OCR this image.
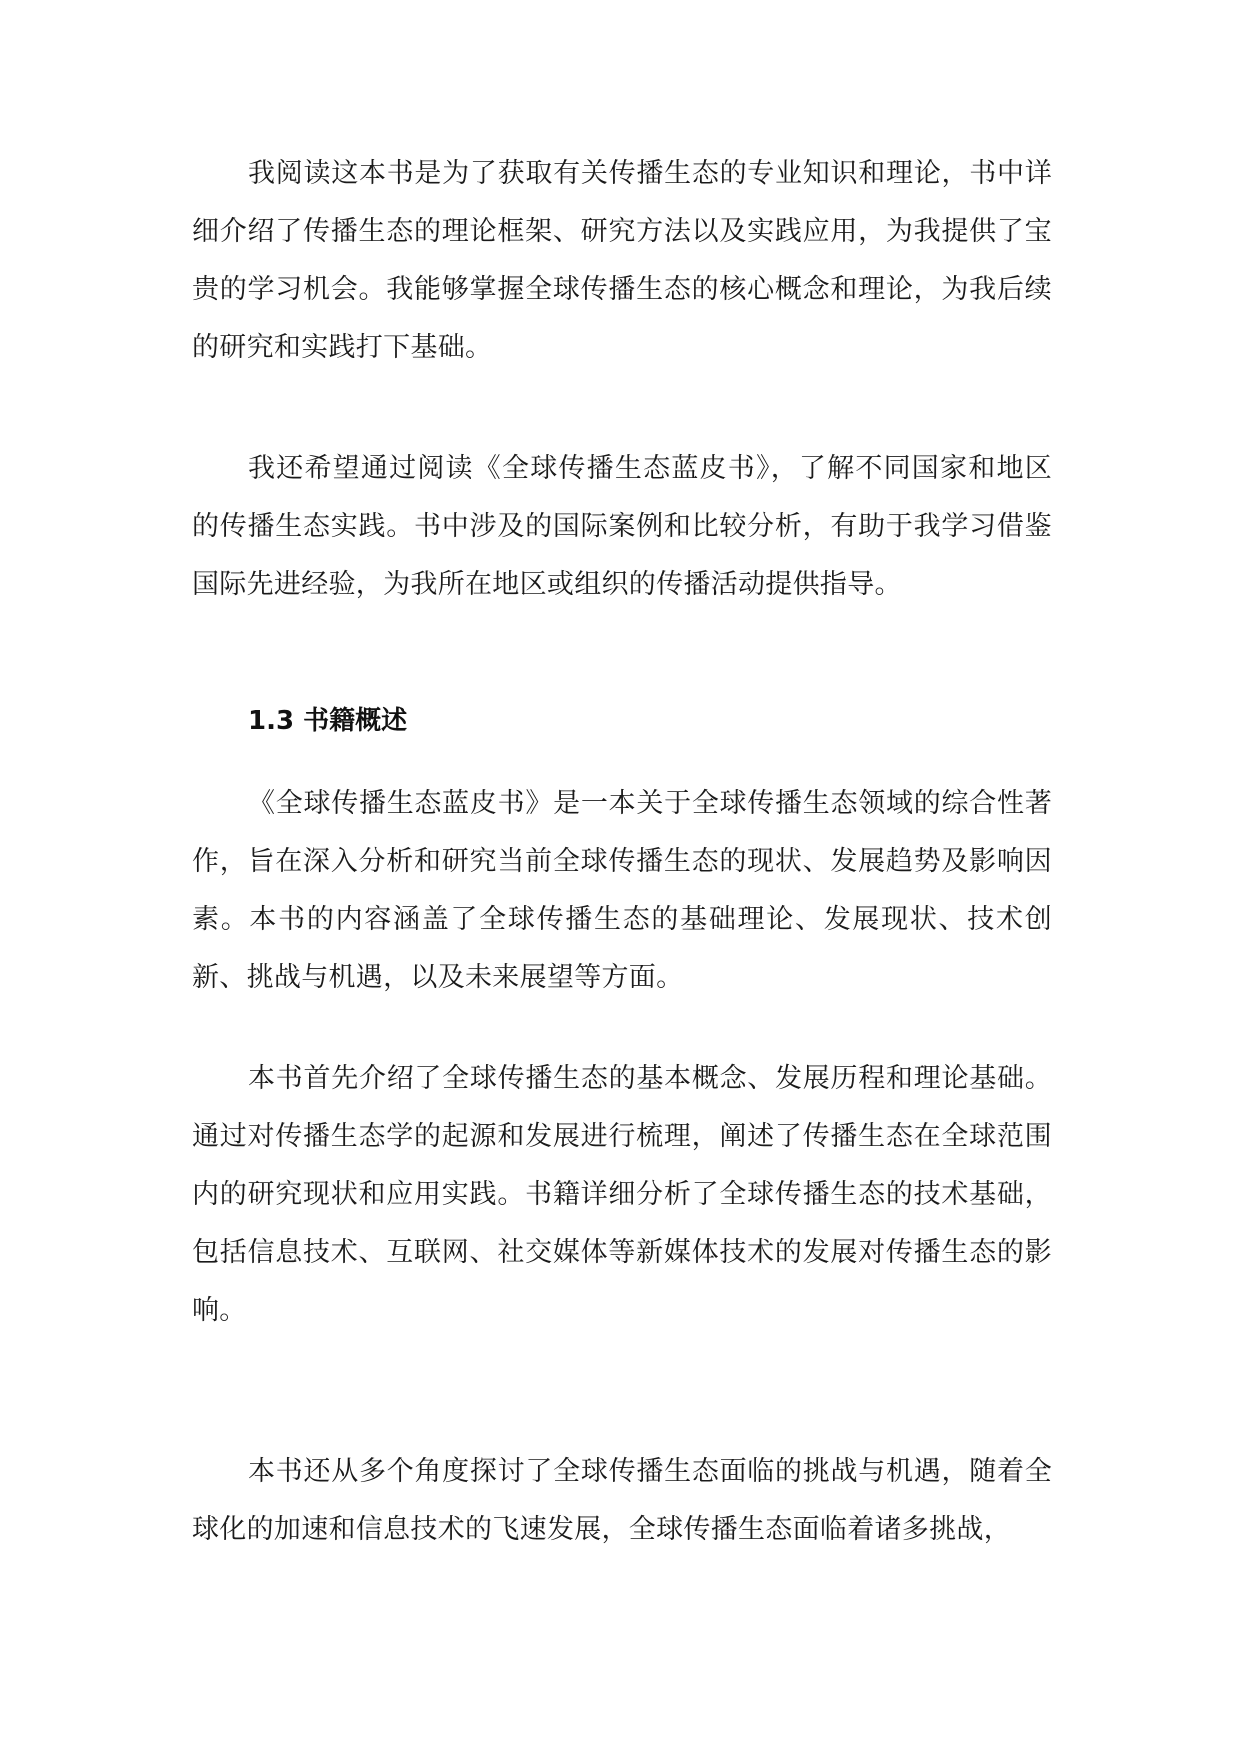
我阅读这本书是为了获取有关传播生态的专业知识和理论，书中详细介绍了传播生态的理论框架、研究方法以及实践应用，为我提供了宝贵的学习机会。我能够掌握全球传播生态的核心概念和理论，为我后续的研究和实践打下基础。

我还希望通过阅读《全球传播生态蓝皮书》，了解不同国家和地区的传播生态实践。书中涉及的国际案例和比较分析，有助于我学习借鉴国际先进经验，为我所在地区或组织的传播活动提供指导。

1.3 书籍概述

《全球传播生态蓝皮书》是一本关于全球传播生态领域的综合性著作，旨在深入分析和研究当前全球传播生态的现状、发展趋势及影响因素。本书的内容涵盖了全球传播生态的基础理论、发展现状、技术创新、挑战与机遇，以及未来展望等方面。

本书首先介绍了全球传播生态的基本概念、发展历程和理论基础。通过对传播生态学的起源和发展进行梳理，阐述了传播生态在全球范围内的研究现状和应用实践。书籍详细分析了全球传播生态的技术基础，包括信息技术、互联网、社交媒体等新媒体技术的发展对传播生态的影响。

本书还从多个角度探讨了全球传播生态面临的挑战与机遇，随着全球化的加速和信息技术的飞速发展，全球传播生态面临着诸多挑战，
